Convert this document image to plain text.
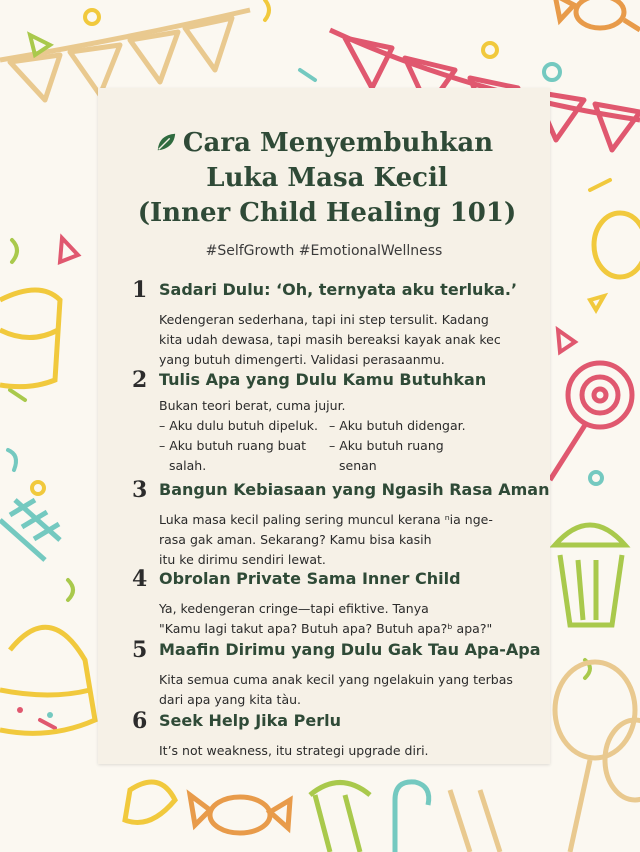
Cara Menyembuhkan
Luka Masa Kecil
(Inner Child Healing 101)
#SelfGrowth #EmotionalWellness
1 Sadari Dulu: ‘Oh, ternyata aku terluka.’

Kedengeran sederhana, tapi ini step tersulit. Kadang

kita udah dewasa, tapi masih bereaksi kayak anak kec

yang butuh dimengerti. Validasi perasaanmu.

2 Tulis Apa yang Dulu Kamu Butuhkan

Bukan teori berat, cuma jujur.

– Aku dulu butuh dipeluk.

– Aku butuh ruang buat

salah.

– Aku butuh didengar.

– Aku butuh ruang

senan

3 Bangun Kebiasaan yang Ngasih Rasa Aman

Luka masa kecil paling sering muncul kerana ⁿia nge-

rasa gak aman. Sekarang? Kamu bisa kasih

itu ke dirimu sendiri lewat.

4 Obrolan Private Sama Inner Child

Ya, kedengeran cringe—tapi efiktive. Tanya

"Kamu lagi takut apa? Butuh apa? Butuh apa?ᵇ apa?"

5 Maafin Dirimu yang Dulu Gak Tau Apa-Apa

Kita semua cuma anak kecil yang ngelakuin yang terbas

dari apa yang kita tàu.

6 Seek Help Jika Perlu

It’s not weakness, itu strategi upgrade diri.
